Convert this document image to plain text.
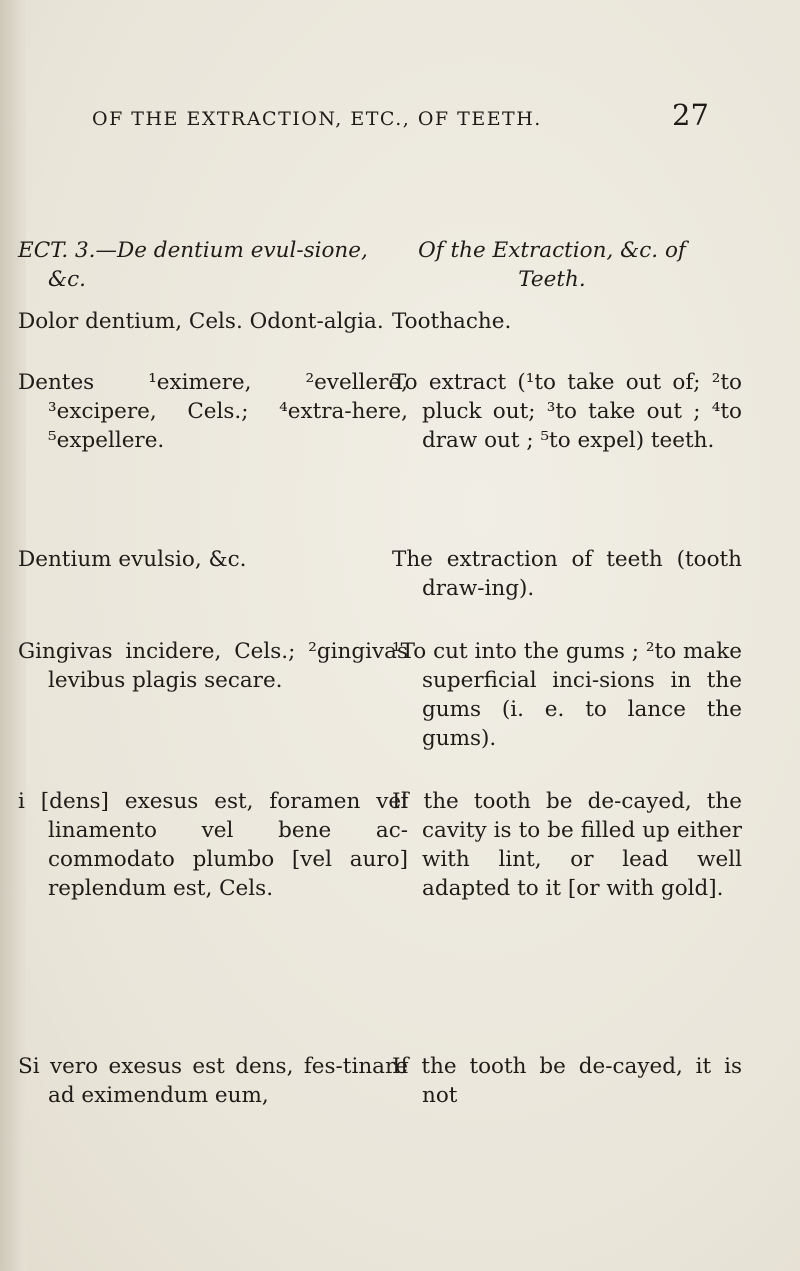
OF THE EXTRACTION, ETC., OF TEETH.	27
ECT. 3.—De dentium evul-sione, &c.
Dolor dentium, Cels. Odont-algia.
Dentes ¹eximere, ²evellere, ³excipere, Cels.; ⁴extra-here, ⁵expellere.
Dentium evulsio, &c.
Gingivas incidere, Cels.; ²gingivas levibus plagis secare.
i [dens] exesus est, foramen vel linamento vel bene ac-commodato plumbo [vel auro] replendum est, Cels.
Si vero exesus est dens, fes-tinare ad eximendum eum,
Of the Extraction, &c. of Teeth.
Toothache.
To extract (¹to take out of; ²to pluck out; ³to take out ; ⁴to draw out ; ⁵to expel) teeth.
The extraction of teeth (tooth draw-ing).
¹To cut into the gums ; ²to make superficial inci-sions in the gums (i. e. to lance the gums).
If the tooth be de-cayed, the cavity is to be filled up either with lint, or lead well adapted to it [or with gold].
If the tooth be de-cayed, it is not
